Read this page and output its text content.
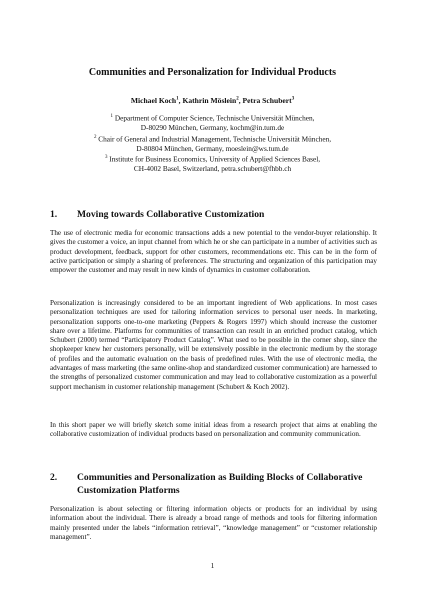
Communities and Personalization for Individual Products
Michael Koch$^1$, Kathrin Möslein$^2$, Petra Schubert$^3$
$^1$ Department of Computer Science, Technische Universität München,
D-80290 München, Germany, kochm@in.tum.de
$^2$ Chair of General and Industrial Management, Technische Universität München,
D-80804 München, Germany, moeslein@ws.tum.de
$^3$ Institute for Business Economics, University of Applied Sciences Basel,
CH-4002 Basel, Switzerland, petra.schubert@fhbb.ch
1. Moving towards Collaborative Customization
The use of electronic media for economic transactions adds a new potential to the vendor-buyer relationship. It gives the customer a voice, an input channel from which he or she can participate in a number of activities such as product development, feedback, support for other customers, recommendations etc. This can be in the form of active participation or simply a sharing of preferences. The structuring and organization of this participation may empower the customer and may result in new kinds of dynamics in customer collaboration.
Personalization is increasingly considered to be an important ingredient of Web applications. In most cases personalization techniques are used for tailoring information services to personal user needs. In marketing, personalization supports one-to-one marketing (Peppers & Rogers 1997) which should increase the customer share over a lifetime. Platforms for communities of transaction can result in an enriched product catalog, which Schubert (2000) termed “Participatory Product Catalog”. What used to be possible in the corner shop, since the shopkeeper knew her customers personally, will be extensively possible in the electronic medium by the storage of profiles and the automatic evaluation on the basis of predefined rules. With the use of electronic media, the advantages of mass marketing (the same online-shop and standardized customer communication) are harnessed to the strengths of personalized customer communication and may lead to collaborative customization as a powerful support mechanism in customer relationship management (Schubert & Koch 2002).
In this short paper we will briefly sketch some initial ideas from a research project that aims at enabling the collaborative customization of individual products based on personalization and community communication.
2. Communities and Personalization as Building Blocks of Collaborative Customization Platforms
Personalization is about selecting or filtering information objects or products for an individual by using information about the individual. There is already a broad range of methods and tools for filtering information mainly presented under the labels “information retrieval”, “knowledge management” or “customer relationship management”.
1
